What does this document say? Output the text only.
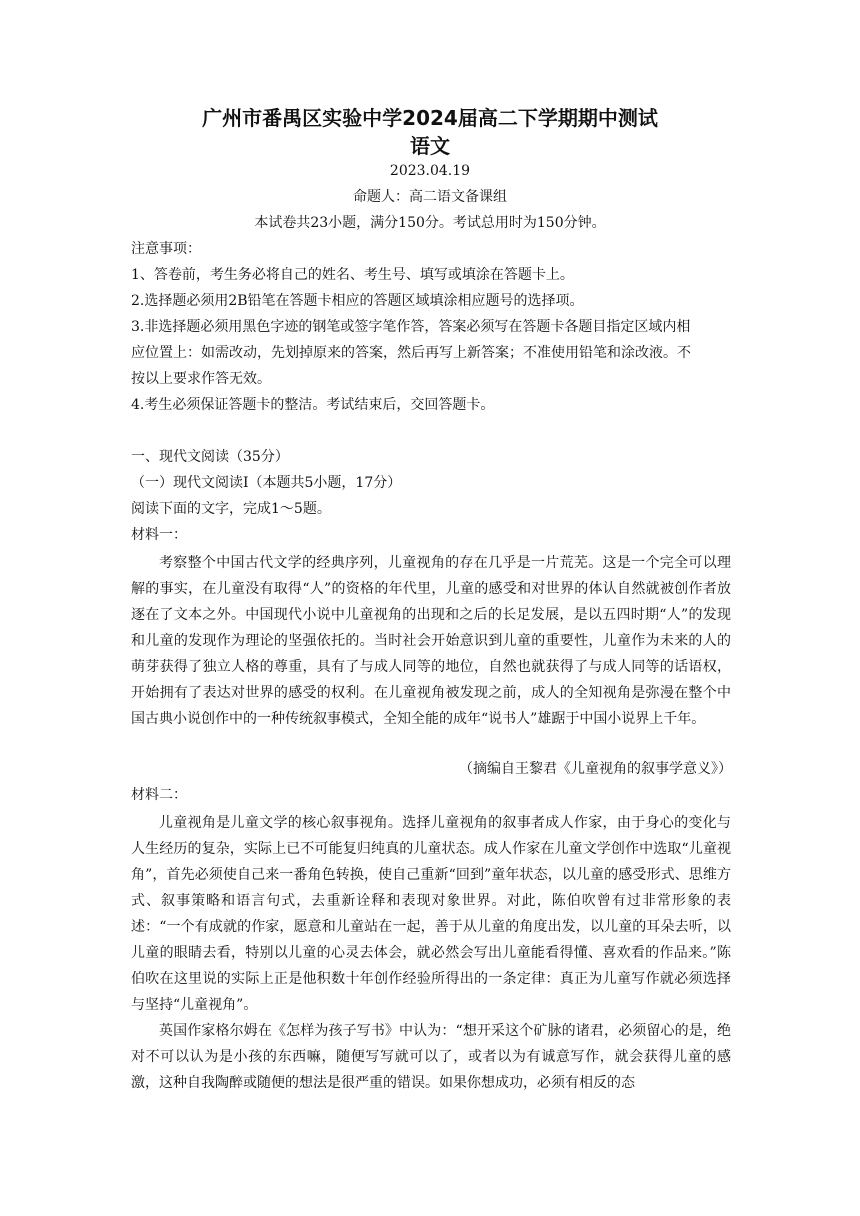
广州市番禺区实验中学2024届高二下学期期中测试
语文
2023.04.19
命题人：高二语文备课组
本试卷共23小题，满分150分。考试总用时为150分钟。
注意事项：
1、答卷前，考生务必将自己的姓名、考生号、填写或填涂在答题卡上。
2.选择题必须用2B铅笔在答题卡相应的答题区域填涂相应题号的选择项。
3.非选择题必须用黑色字迹的钢笔或签字笔作答，答案必须写在答题卡各题目指定区域内相
应位置上：如需改动，先划掉原来的答案，然后再写上新答案；不准使用铅笔和涂改液。不
按以上要求作答无效。
4.考生必须保证答题卡的整洁。考试结束后，交回答题卡。
一、现代文阅读（35分）
（一）现代文阅读Ⅰ（本题共5小题，17分）
阅读下面的文字，完成1～5题。
材料一：
考察整个中国古代文学的经典序列，儿童视角的存在几乎是一片荒芜。这是一个完全可以理解的事实，在儿童没有取得“人”的资格的年代里，儿童的感受和对世界的体认自然就被创作者放逐在了文本之外。中国现代小说中儿童视角的出现和之后的长足发展，是以五四时期“人”的发现和儿童的发现作为理论的坚强依托的。当时社会开始意识到儿童的重要性，儿童作为未来的人的萌芽获得了独立人格的尊重，具有了与成人同等的地位，自然也就获得了与成人同等的话语权，开始拥有了表达对世界的感受的权利。在儿童视角被发现之前，成人的全知视角是弥漫在整个中国古典小说创作中的一种传统叙事模式，全知全能的成年“说书人”雄踞于中国小说界上千年。
（摘编自王黎君《儿童视角的叙事学意义》）
材料二：
儿童视角是儿童文学的核心叙事视角。选择儿童视角的叙事者成人作家，由于身心的变化与人生经历的复杂，实际上已不可能复归纯真的儿童状态。成人作家在儿童文学创作中选取“儿童视角”，首先必须使自己来一番角色转换，使自己重新“回到”童年状态，以儿童的感受形式、思维方式、叙事策略和语言句式，去重新诠释和表现对象世界。对此，陈伯吹曾有过非常形象的表述：“一个有成就的作家，愿意和儿童站在一起，善于从儿童的角度出发，以儿童的耳朵去听，以儿童的眼睛去看，特别以儿童的心灵去体会，就必然会写出儿童能看得懂、喜欢看的作品来。”陈伯吹在这里说的实际上正是他积数十年创作经验所得出的一条定律：真正为儿童写作就必须选择与坚持“儿童视角”。
英国作家格尔姆在《怎样为孩子写书》中认为：“想开采这个矿脉的诸君，必须留心的是，绝对不可以认为是小孩的东西嘛，随便写写就可以了，或者以为有诚意写作，就会获得儿童的感激，这种自我陶醉或随便的想法是很严重的错误。如果你想成功，必须有相反的态
